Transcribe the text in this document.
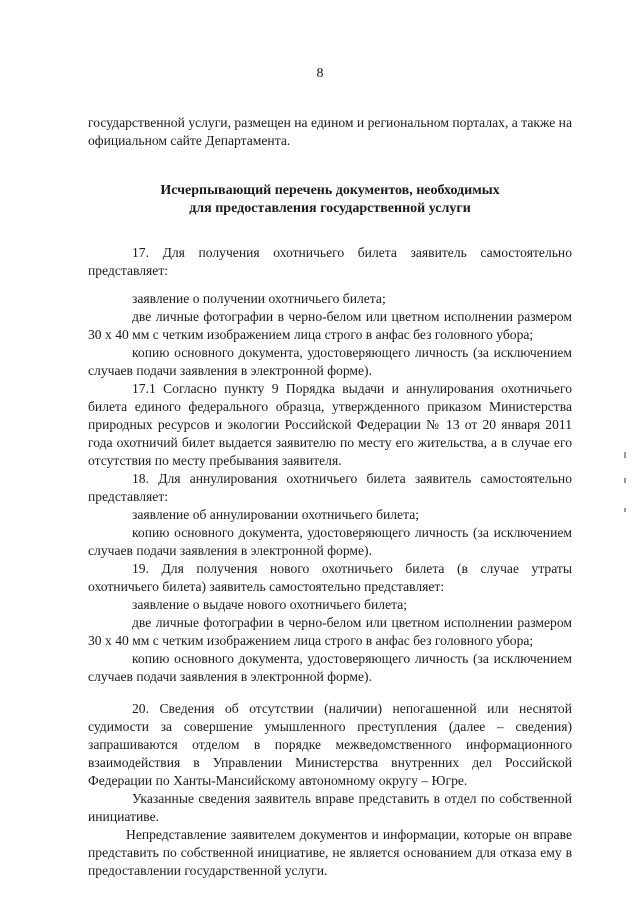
8

государственной услуги, размещен на едином и региональном порталах, а также на официальном сайте Департамента.

Исчерпывающий перечень документов, необходимых
для предоставления государственной услуги

17. Для получения охотничьего билета заявитель самостоятельно представляет:

заявление о получении охотничьего билета;

две личные фотографии в черно-белом или цветном исполнении размером 30 х 40 мм с четким изображением лица строго в анфас без головного убора;

копию основного документа, удостоверяющего личность (за исключением случаев подачи заявления в электронной форме).

17.1 Согласно пункту 9 Порядка выдачи и аннулирования охотничьего билета единого федерального образца, утвержденного приказом Министерства природных ресурсов и экологии Российской Федерации № 13 от 20 января 2011 года охотничий билет выдается заявителю по месту его жительства, а в случае его отсутствия по месту пребывания заявителя.

18. Для аннулирования охотничьего билета заявитель самостоятельно представляет:

заявление об аннулировании охотничьего билета;

копию основного документа, удостоверяющего личность (за исключением случаев подачи заявления в электронной форме).

19. Для получения нового охотничьего билета (в случае утраты охотничьего билета) заявитель самостоятельно представляет:

заявление о выдаче нового охотничьего билета;

две личные фотографии в черно-белом или цветном исполнении размером 30 х 40 мм с четким изображением лица строго в анфас без головного убора;

копию основного документа, удостоверяющего личность (за исключением случаев подачи заявления в электронной форме).

20. Сведения об отсутствии (наличии) непогашенной или неснятой судимости за совершение умышленного преступления (далее – сведения) запрашиваются отделом в порядке межведомственного информационного взаимодействия в Управлении Министерства внутренних дел Российской Федерации по Ханты-Мансийскому автономному округу – Югре.

Указанные сведения заявитель вправе представить в отдел по собственной инициативе.

Непредставление заявителем документов и информации, которые он вправе представить по собственной инициативе, не является основанием для отказа ему в предоставлении государственной услуги.
